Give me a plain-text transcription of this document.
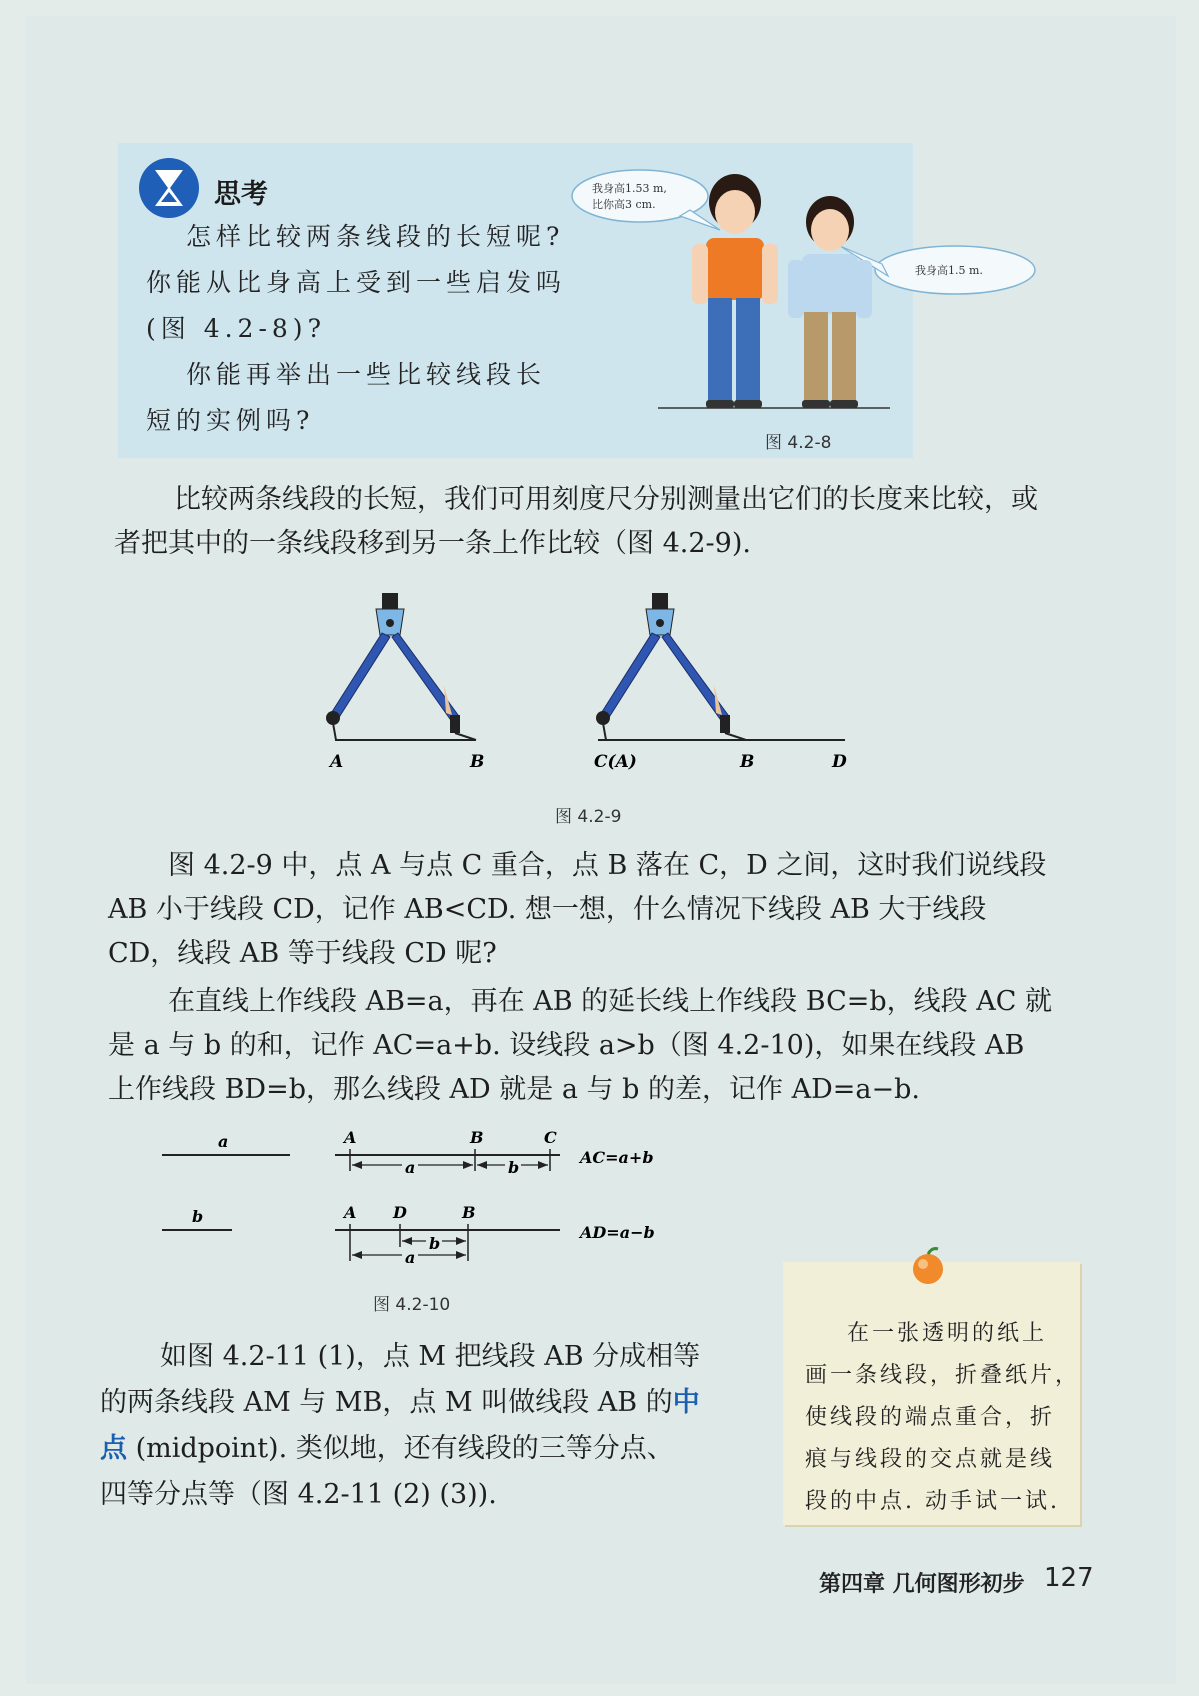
思考
怎样比较两条线段的长短呢?
你能从比身高上受到一些启发吗
(图 4.2-8)?
你能再举出一些比较线段长
短的实例吗?
我身高1.53 m,
比你高3 cm.
我身高1.5 m.
图 4.2-8
比较两条线段的长短，我们可用刻度尺分别测量出它们的长度来比较，或
者把其中的一条线段移到另一条上作比较（图 4.2-9).
A	B	C(A)	B	D
图 4.2-9
图 4.2-9 中，点 A 与点 C 重合，点 B 落在 C，D 之间，这时我们说线段
AB 小于线段 CD，记作 AB<CD. 想一想，什么情况下线段 AB 大于线段
CD，线段 AB 等于线段 CD 呢?
在直线上作线段 AB=a，再在 AB 的延长线上作线段 BC=b，线段 AC 就
是 a 与 b 的和，记作 AC=a+b. 设线段 a>b（图 4.2-10)，如果在线段 AB
上作线段 BD=b，那么线段 AD 就是 a 与 b 的差，记作 AD=a−b.
a	A	B	C
a	b
AC=a+b
b	A D	B
b
a
AD=a−b
图 4.2-10
如图 4.2-11 (1)，点 M 把线段 AB 分成相等
的两条线段 AM 与 MB，点 M 叫做线段 AB 的中
点 (midpoint). 类似地，还有线段的三等分点、
四等分点等（图 4.2-11 (2) (3)).
在一张透明的纸上
画一条线段，折叠纸片，
使线段的端点重合，折
痕与线段的交点就是线
段的中点. 动手试一试.
第四章 几何图形初步 127
